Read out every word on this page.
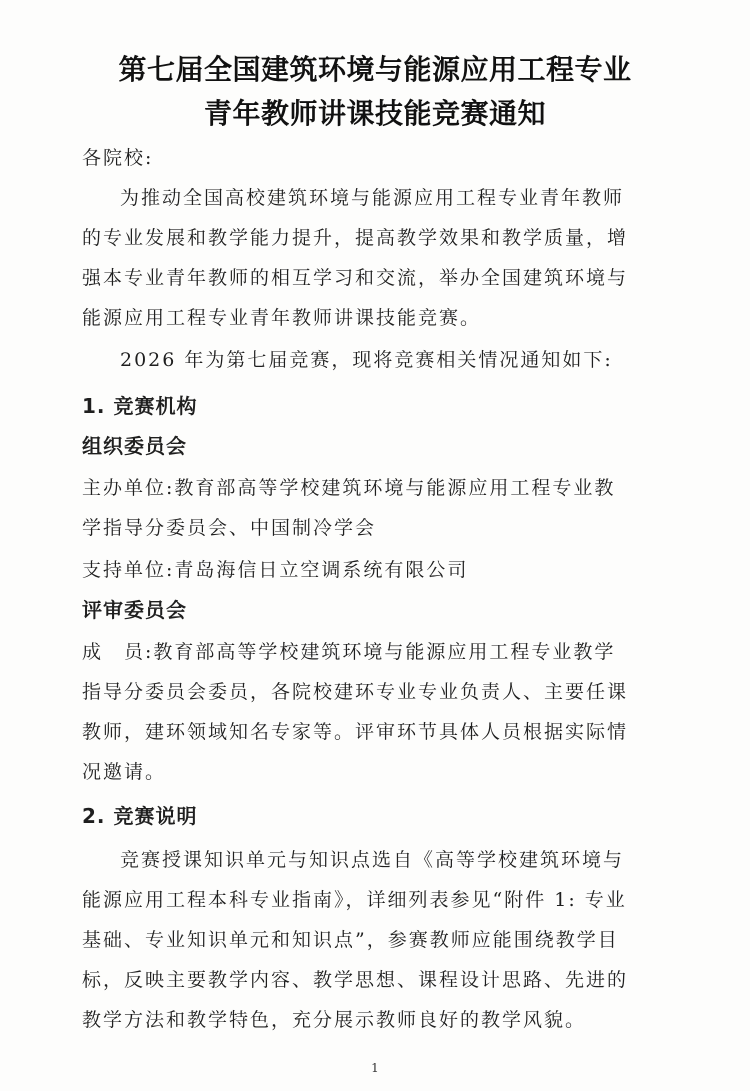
第七届全国建筑环境与能源应用工程专业
青年教师讲课技能竞赛通知
各院校:
为推动全国高校建筑环境与能源应用工程专业青年教师
的专业发展和教学能力提升，提高教学效果和教学质量，增
强本专业青年教师的相互学习和交流，举办全国建筑环境与
能源应用工程专业青年教师讲课技能竞赛。
2026 年为第七届竞赛，现将竞赛相关情况通知如下:
1. 竞赛机构
组织委员会
主办单位:教育部高等学校建筑环境与能源应用工程专业教
学指导分委员会、中国制冷学会
支持单位:青岛海信日立空调系统有限公司
评审委员会
成　员:教育部高等学校建筑环境与能源应用工程专业教学
指导分委员会委员，各院校建环专业专业负责人、主要任课
教师，建环领域知名专家等。评审环节具体人员根据实际情
况邀请。
2. 竞赛说明
竞赛授课知识单元与知识点选自《高等学校建筑环境与
能源应用工程本科专业指南》，详细列表参见“附件 1: 专业
基础、专业知识单元和知识点”，参赛教师应能围绕教学目
标，反映主要教学内容、教学思想、课程设计思路、先进的
教学方法和教学特色，充分展示教师良好的教学风貌。
1
